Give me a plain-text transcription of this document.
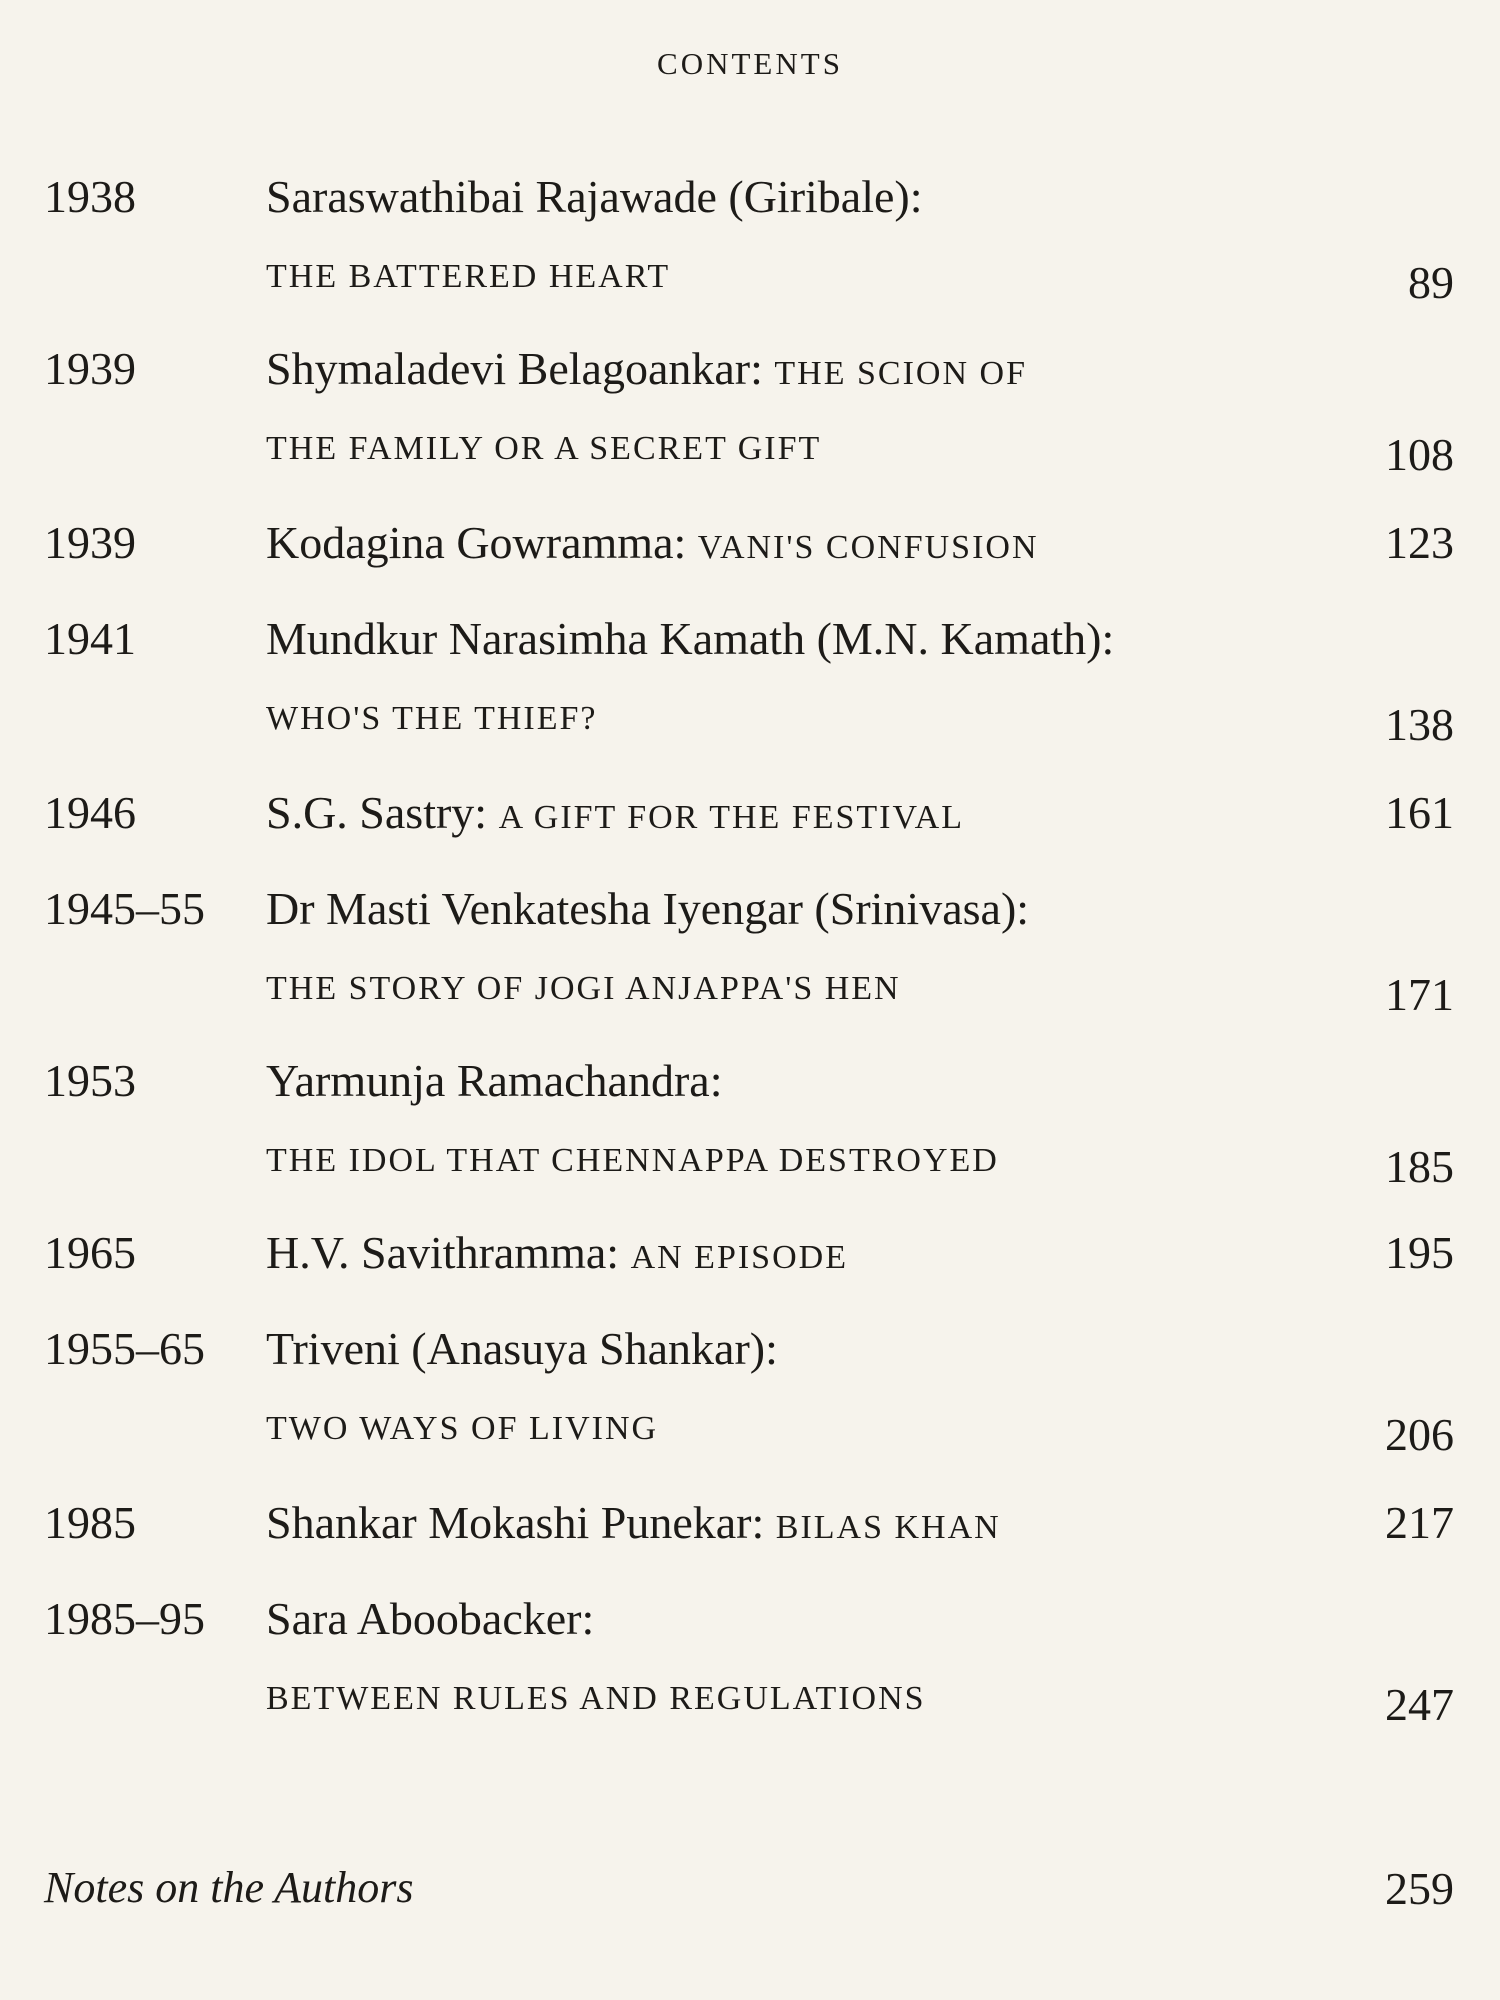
CONTENTS
1938	Saraswathibai Rajawade (Giribale):
THE BATTERED HEART	89
1939	Shymaladevi Belagoankar: THE SCION OF
THE FAMILY OR A SECRET GIFT	108
1939	Kodagina Gowramma: VANI'S CONFUSION	123
1941	Mundkur Narasimha Kamath (M.N. Kamath):
WHO'S THE THIEF?	138
1946	S.G. Sastry: A GIFT FOR THE FESTIVAL	161
1945–55 Dr Masti Venkatesha Iyengar (Srinivasa):
THE STORY OF JOGI ANJAPPA'S HEN	171
1953	Yarmunja Ramachandra:
THE IDOL THAT CHENNAPPA DESTROYED	185
1965	H.V. Savithramma: AN EPISODE	195
1955–65 Triveni (Anasuya Shankar):
TWO WAYS OF LIVING	206
1985	Shankar Mokashi Punekar: BILAS KHAN	217
1985–95 Sara Aboobacker:
BETWEEN RULES AND REGULATIONS	247
Notes on the Authors	259
